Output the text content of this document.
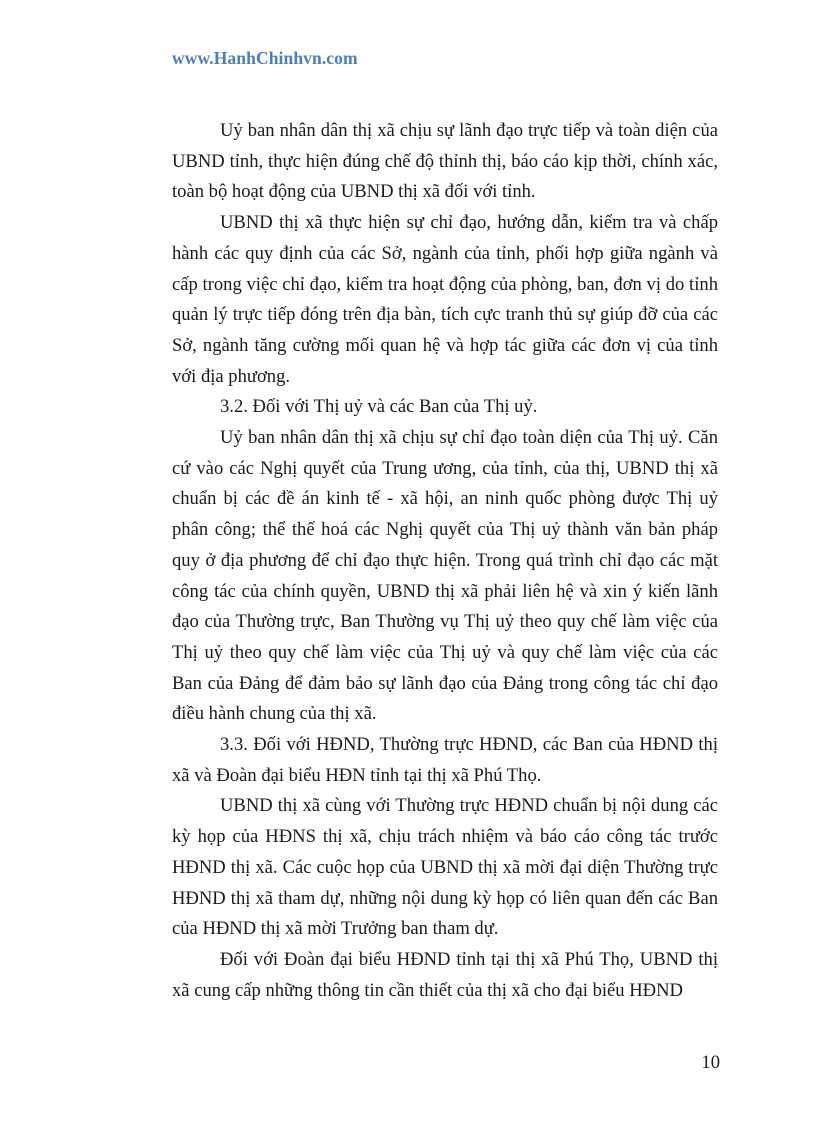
www.HanhChinhvn.com

Uỷ ban nhân dân thị xã chịu sự lãnh đạo trực tiếp và toàn diện của UBND tỉnh, thực hiện đúng chế độ thỉnh thị, báo cáo kịp thời, chính xác, toàn bộ hoạt động của UBND thị xã đối với tỉnh.

UBND thị xã thực hiện sự chỉ đạo, hướng dẫn, kiểm tra và chấp hành các quy định của các Sở, ngành của tỉnh, phối hợp giữa ngành và cấp trong việc chỉ đạo, kiểm tra hoạt động của phòng, ban, đơn vị do tỉnh quản lý trực tiếp đóng trên địa bàn, tích cực tranh thủ sự giúp đỡ của các Sở, ngành tăng cường mối quan hệ và hợp tác giữa các đơn vị của tỉnh với địa phương.

3.2. Đối với Thị uỷ và các Ban của Thị uỷ.

Uỷ ban nhân dân thị xã chịu sự chỉ đạo toàn diện của Thị uỷ. Căn cứ vào các Nghị quyết của Trung ương, của tỉnh, của thị, UBND thị xã chuẩn bị các đề án kinh tế - xã hội, an ninh quốc phòng được Thị uỷ phân công; thể thế hoá các Nghị quyết của Thị uỷ thành văn bản pháp quy ở địa phương để chỉ đạo thực hiện. Trong quá trình chỉ đạo các mặt công tác của chính quyền, UBND thị xã phải liên hệ và xin ý kiến lãnh đạo của Thường trực, Ban Thường vụ Thị uỷ theo quy chế làm việc của Thị uỷ theo quy chế làm việc của Thị uỷ và quy chế làm việc của các Ban của Đảng để đảm bảo sự lãnh đạo của Đảng trong công tác chỉ đạo điều hành chung của thị xã.

3.3. Đối với HĐND, Thường trực HĐND, các Ban của HĐND thị xã và Đoàn đại biểu HĐN tỉnh tại thị xã Phú Thọ.

UBND thị xã cùng với Thường trực HĐND chuẩn bị nội dung các kỳ họp của HĐNS thị xã, chịu trách nhiệm và báo cáo công tác trước HĐND thị xã. Các cuộc họp của UBND thị xã mời đại diện Thường trực HĐND thị xã tham dự, những nội dung kỳ họp có liên quan đến các Ban của HĐND thị xã mời Trưởng ban tham dự.

Đối với Đoàn đại biểu HĐND tỉnh tại thị xã Phú Thọ, UBND thị xã cung cấp những thông tin cần thiết của thị xã cho đại biểu HĐND

10
